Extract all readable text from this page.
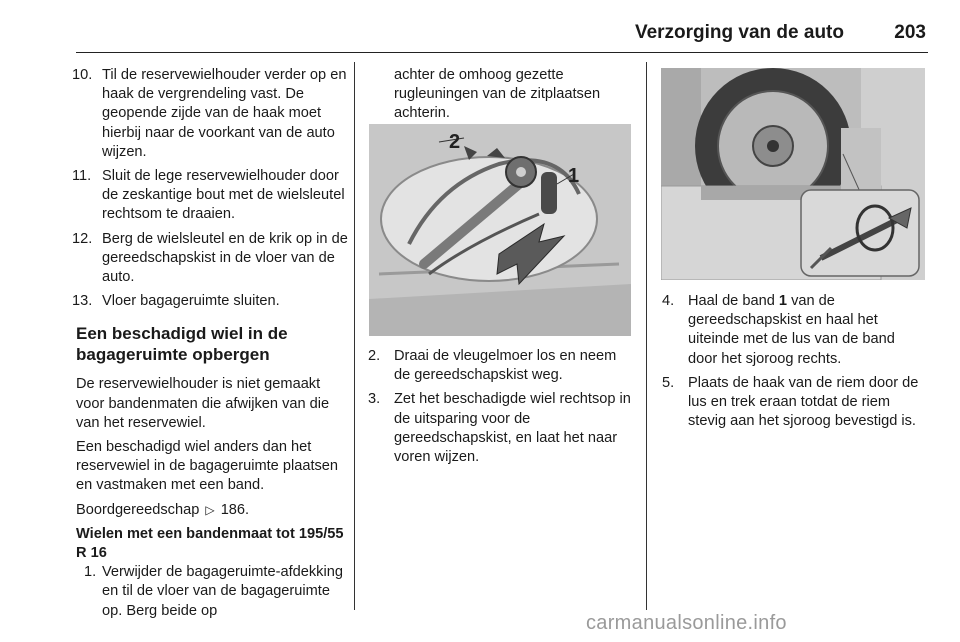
Verzorging van de auto	203
10. Til de reservewielhouder verder op en haak de vergrendeling vast. De geopende zijde van de haak moet hierbij naar de voorkant van de auto wijzen.
11. Sluit de lege reservewielhouder door de zeskantige bout met de wielsleutel rechtsom te draaien.
12. Berg de wielsleutel en de krik op in de gereedschapskist in de vloer van de auto.
13. Vloer bagageruimte sluiten.
Een beschadigd wiel in de bagageruimte opbergen

De reservewielhouder is niet gemaakt voor bandenmaten die afwijken van die van het reservewiel.

Een beschadigd wiel anders dan het reservewiel in de bagageruimte plaatsen en vastmaken met een band.

Boordgereedschap ▷ 186.

Wielen met een bandenmaat tot 195/55 R 16

1. Verwijder de bagageruimte-afdekking en til de vloer van de bagageruimte op. Berg beide op

achter de omhoog gezette rugleuningen van de zitplaatsen achterin.

2
1
2. Draai de vleugelmoer los en neem de gereedschapskist weg.
3. Zet het beschadigde wiel rechtsop in de uitsparing voor de gereedschapskist, en laat het naar voren wijzen.
4. Haal de band 1 van de gereedschapskist en haal het uiteinde met de lus van de band door het sjoroog rechts.
5. Plaats de haak van de riem door de lus en trek eraan totdat de riem stevig aan het sjoroog bevestigd is.
carmanualsonline.info
